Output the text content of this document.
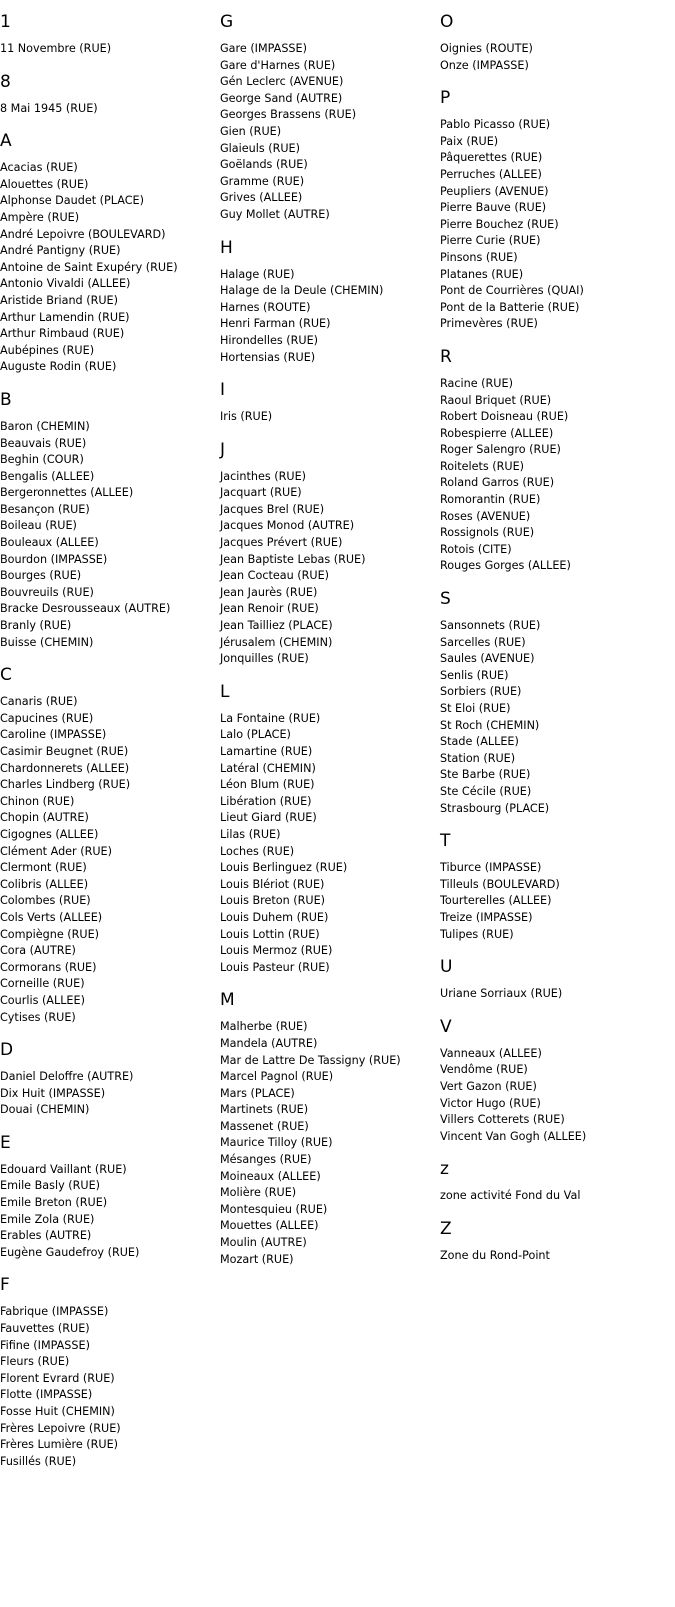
1
11 Novembre (RUE)
8
8 Mai 1945 (RUE)
A
Acacias (RUE)
Alouettes (RUE)
Alphonse Daudet (PLACE)
Ampère (RUE)
André Lepoivre (BOULEVARD)
André Pantigny (RUE)
Antoine de Saint Exupéry (RUE)
Antonio Vivaldi (ALLEE)
Aristide Briand (RUE)
Arthur Lamendin (RUE)
Arthur Rimbaud (RUE)
Aubépines (RUE)
Auguste Rodin (RUE)
B
Baron (CHEMIN)
Beauvais (RUE)
Beghin (COUR)
Bengalis (ALLEE)
Bergeronnettes (ALLEE)
Besançon (RUE)
Boileau (RUE)
Bouleaux (ALLEE)
Bourdon (IMPASSE)
Bourges (RUE)
Bouvreuils (RUE)
Bracke Desrousseaux (AUTRE)
Branly (RUE)
Buisse (CHEMIN)
C
Canaris (RUE)
Capucines (RUE)
Caroline (IMPASSE)
Casimir Beugnet (RUE)
Chardonnerets (ALLEE)
Charles Lindberg (RUE)
Chinon (RUE)
Chopin (AUTRE)
Cigognes (ALLEE)
Clément Ader (RUE)
Clermont (RUE)
Colibris (ALLEE)
Colombes (RUE)
Cols Verts (ALLEE)
Compiègne (RUE)
Cora (AUTRE)
Cormorans (RUE)
Corneille (RUE)
Courlis (ALLEE)
Cytises (RUE)
D
Daniel Deloffre (AUTRE)
Dix Huit (IMPASSE)
Douai (CHEMIN)
E
Edouard Vaillant (RUE)
Emile Basly (RUE)
Emile Breton (RUE)
Emile Zola (RUE)
Erables (AUTRE)
Eugène Gaudefroy (RUE)
F
Fabrique (IMPASSE)
Fauvettes (RUE)
Fifine (IMPASSE)
Fleurs (RUE)
Florent Evrard (RUE)
Flotte (IMPASSE)
Fosse Huit (CHEMIN)
Frères Lepoivre (RUE)
Frères Lumière (RUE)
Fusillés (RUE)
G
Gare (IMPASSE)
Gare d'Harnes (RUE)
Gén Leclerc (AVENUE)
George Sand (AUTRE)
Georges Brassens (RUE)
Gien (RUE)
Glaieuls (RUE)
Goëlands (RUE)
Gramme (RUE)
Grives (ALLEE)
Guy Mollet (AUTRE)
H
Halage (RUE)
Halage de la Deule (CHEMIN)
Harnes (ROUTE)
Henri Farman (RUE)
Hirondelles (RUE)
Hortensias (RUE)
I
Iris (RUE)
J
Jacinthes (RUE)
Jacquart (RUE)
Jacques Brel (RUE)
Jacques Monod (AUTRE)
Jacques Prévert (RUE)
Jean Baptiste Lebas (RUE)
Jean Cocteau (RUE)
Jean Jaurès (RUE)
Jean Renoir (RUE)
Jean Tailliez (PLACE)
Jérusalem (CHEMIN)
Jonquilles (RUE)
L
La Fontaine (RUE)
Lalo (PLACE)
Lamartine (RUE)
Latéral (CHEMIN)
Léon Blum (RUE)
Libération (RUE)
Lieut Giard (RUE)
Lilas (RUE)
Loches (RUE)
Louis Berlinguez (RUE)
Louis Blériot (RUE)
Louis Breton (RUE)
Louis Duhem (RUE)
Louis Lottin (RUE)
Louis Mermoz (RUE)
Louis Pasteur (RUE)
M
Malherbe (RUE)
Mandela (AUTRE)
Mar de Lattre De Tassigny (RUE)
Marcel Pagnol (RUE)
Mars (PLACE)
Martinets (RUE)
Massenet (RUE)
Maurice Tilloy (RUE)
Mésanges (RUE)
Moineaux (ALLEE)
Molière (RUE)
Montesquieu (RUE)
Mouettes (ALLEE)
Moulin (AUTRE)
Mozart (RUE)
O
Oignies (ROUTE)
Onze (IMPASSE)
P
Pablo Picasso (RUE)
Paix (RUE)
Pâquerettes (RUE)
Perruches (ALLEE)
Peupliers (AVENUE)
Pierre Bauve (RUE)
Pierre Bouchez (RUE)
Pierre Curie (RUE)
Pinsons (RUE)
Platanes (RUE)
Pont de Courrières (QUAI)
Pont de la Batterie (RUE)
Primevères (RUE)
R
Racine (RUE)
Raoul Briquet (RUE)
Robert Doisneau (RUE)
Robespierre (ALLEE)
Roger Salengro (RUE)
Roitelets (RUE)
Roland Garros (RUE)
Romorantin (RUE)
Roses (AVENUE)
Rossignols (RUE)
Rotois (CITE)
Rouges Gorges (ALLEE)
S
Sansonnets (RUE)
Sarcelles (RUE)
Saules (AVENUE)
Senlis (RUE)
Sorbiers (RUE)
St Eloi (RUE)
St Roch (CHEMIN)
Stade (ALLEE)
Station (RUE)
Ste Barbe (RUE)
Ste Cécile (RUE)
Strasbourg (PLACE)
T
Tiburce (IMPASSE)
Tilleuls (BOULEVARD)
Tourterelles (ALLEE)
Treize (IMPASSE)
Tulipes (RUE)
U
Uriane Sorriaux (RUE)
V
Vanneaux (ALLEE)
Vendôme (RUE)
Vert Gazon (RUE)
Victor Hugo (RUE)
Villers Cotterets (RUE)
Vincent Van Gogh (ALLEE)
z
zone activité Fond du Val
Z
Zone du Rond-Point
